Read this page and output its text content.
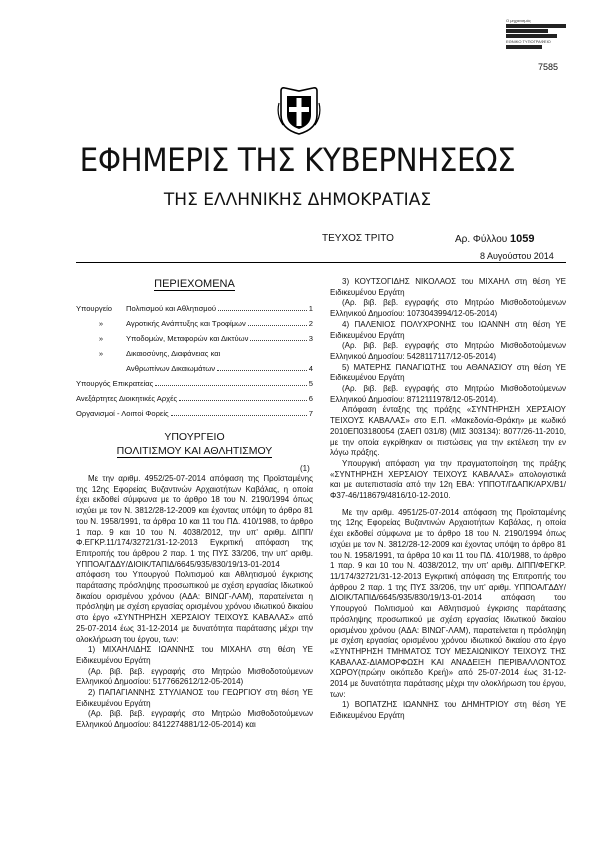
Ο μηχανισμός
ΕΘΝΙΚΟ ΤΥΠΟΓΡΑΦΕΙΟ
7585
ΕΦΗΜΕΡΙΣ ΤΗΣ ΚΥΒΕΡΝΗΣΕΩΣ
ΤΗΣ ΕΛΛΗΝΙΚΗΣ ΔΗΜΟΚΡΑΤΙΑΣ
ΤΕΥΧΟΣ ΤΡΙΤΟ	Αρ. Φύλλου 1059
8 Αυγούστου 2014
ΠΕΡΙΕΧΟΜΕΝΑ
Υπουργείο	Πολιτισμού και Αθλητισμού	1
»	Αγροτικής Ανάπτυξης και Τροφίμων	2
»	Υποδομών, Μεταφορών και Δικτύων	3
»	Δικαιοσύνης, Διαφάνειας και
Ανθρωπίνων Δικαιωμάτων	4
Υπουργός Επικρατείας	5
Ανεξάρτητες Διοικητικές Αρχές	6
Οργανισμοί - Λοιποί Φορείς	7
ΥΠΟΥΡΓΕΙΟ
ΠΟΛΙΤΙΣΜΟΥ ΚΑΙ ΑΘΛΗΤΙΣΜΟΥ
(1)

Με την αριθμ. 4952/25-07-2014 απόφαση της Προϊσταμένης της 12ης Εφορείας Βυζαντινών Αρχαιοτήτων Καβάλας, η οποία έχει εκδοθεί σύμφωνα με το άρθρο 18 του Ν. 2190/1994 όπως ισχύει με τον Ν. 3812/28-12-2009 και έχοντας υπόψη το άρθρο 81 του Ν. 1958/1991, τα άρθρα 10 και 11 του ΠΔ. 410/1988, το άρθρο 1 παρ. 9 και 10 του Ν. 4038/2012, την υπ' αριθμ. ΔΙΠΠ/Φ.ΕΓΚΡ.11/174/32721/31-12-2013 Εγκριτική απόφαση της Επιτροπής του άρθρου 2 παρ. 1 της ΠΥΣ 33/206, την υπ' αριθμ. ΥΠΠΟΑ/ΓΔΔΥ/ΔΙΟΙΚ/ΤΑΠΙΔ/6645/935/830/19/13-01-2014 απόφαση του Υπουργού Πολιτισμού και Αθλητισμού έγκρισης παράτασης πρόσληψης προσωπικού με σχέση εργασίας Ιδιωτικού δικαίου ορισμένου χρόνου (ΑΔΑ: ΒΙΝΩΓ-ΛΑΜ), παρατείνεται η πρόσληψη με σχέση εργασίας ορισμένου χρόνου ιδιωτικού δικαίου στο έργο «ΣΥΝΤΗΡΗΣΗ ΧΕΡΣΑΙΟΥ ΤΕΙΧΟΥΣ ΚΑΒΑΛΑΣ» από 25-07-2014 έως 31-12-2014 με δυνατότητα παράτασης μέχρι την ολοκλήρωση του έργου, των:

1) ΜΙΧΑΗΛΙΔΗΣ ΙΩΑΝΝΗΣ του ΜΙΧΑΗΛ στη θέση ΥΕ Ειδικευμένου Εργάτη

(Αρ. βιβ. βεβ. εγγραφής στο Μητρώο Μισθοδοτούμενων Ελληνικού Δημοσίου: 5177662612/12-05-2014)

2) ΠΑΠΑΓΙΑΝΝΗΣ ΣΤΥΛΙΑΝΟΣ του ΓΕΩΡΓΙΟΥ στη θέση ΥΕ Ειδικευμένου Εργάτη

(Αρ. βιβ. βεβ. εγγραφής στο Μητρώο Μισθοδοτούμενων Ελληνικού Δημοσίου: 8412274881/12-05-2014) και

3) ΚΟΥΤΣΟΓΙΔΗΣ ΝΙΚΟΛΑΟΣ του ΜΙΧΑΗΛ στη θέση ΥΕ Ειδικευμένου Εργάτη

(Αρ. βιβ. βεβ. εγγραφής στο Μητρώο Μισθοδοτούμενων Ελληνικού Δημοσίου: 1073043994/12-05-2014)

4) ΠΑΛΕΝΙΟΣ ΠΟΛΥΧΡΟΝΗΣ του ΙΩΑΝΝΗ στη θέση ΥΕ Ειδικευμένου Εργάτη

(Αρ. βιβ. βεβ. εγγραφής στο Μητρώο Μισθοδοτούμενων Ελληνικού Δημοσίου: 5428117117/12-05-2014)

5) ΜΑΤΕΡΗΣ ΠΑΝΑΓΙΩΤΗΣ του ΑΘΑΝΑΣΙΟΥ στη θέση ΥΕ Ειδικευμένου Εργάτη

(Αρ. βιβ. βεβ. εγγραφής στο Μητρώο Μισθοδοτούμενων Ελληνικού Δημοσίου: 8712111978/12-05-2014).

Απόφαση ένταξης της πράξης «ΣΥΝΤΗΡΗΣΗ ΧΕΡΣΑΙΟΥ ΤΕΙΧΟΥΣ ΚΑΒΑΛΑΣ» στο Ε.Π. «Μακεδονία-Θράκη» με κωδικό 2010ΕΠ03180054 (ΣΑΕΠ 031/8) (ΜΙΣ 303134): 8077/26-11-2010, με την οποία εγκρίθηκαν οι πιστώσεις για την εκτέλεση την εν λόγω πράξης.

Υπουργική απόφαση για την πραγματοποίηση της πράξης «ΣΥΝΤΗΡΗΣΗ ΧΕΡΣΑΙΟΥ ΤΕΙΧΟΥΣ ΚΑΒΑΛΑΣ» απολογιστικά και με αυτεπιστασία από την 12η ΕΒΑ: ΥΠΠΟΤ/ΓΔΑΠΚ/ΑΡΧ/Β1/Φ37-46/118679/4816/10-12-2010.

Με την αριθμ. 4951/25-07-2014 απόφαση της Προϊσταμένης της 12ης Εφορείας Βυζαντινών Αρχαιοτήτων Καβάλας, η οποία έχει εκδοθεί σύμφωνα με το άρθρο 18 του Ν. 2190/1994 όπως ισχύει με τον Ν. 3812/28-12-2009 και έχοντας υπόψη το άρθρο 81 του Ν. 1958/1991, τα άρθρα 10 και 11 του ΠΔ. 410/1988, το άρθρο 1 παρ. 9 και 10 του Ν. 4038/2012, την υπ' αριθμ. ΔΙΠΠ/ΦΕΓΚΡ. 11/174/32721/31-12-2013 Εγκριτική απόφαση της Επιτροπής του άρθρου 2 παρ. 1 της ΠΥΣ 33/206, την υπ' αριθμ. ΥΠΠΟΑ/ΓΔΔΥ/ΔΙΟΙΚ/ΤΑΠΙΔ/6645/935/830/19/13-01-2014 απόφαση του Υπουργού Πολιτισμού και Αθλητισμού έγκρισης παράτασης πρόσληψης προσωπικού με σχέση εργασίας Ιδιωτικού δικαίου ορισμένου χρόνου (ΑΔΑ: ΒΙΝΩΓ-ΛΑΜ), παρατείνεται η πρόσληψη με σχέση εργασίας ορισμένου χρόνου ιδιωτικού δικαίου στο έργο «ΣΥΝΤΗΡΗΣΗ ΤΜΗΜΑΤΟΣ ΤΟΥ ΜΕΣΑΙΩΝΙΚΟΥ ΤΕΙΧΟΥΣ ΤΗΣ ΚΑΒΑΛΑΣ-ΔΙΑΜΟΡΦΩΣΗ ΚΑΙ ΑΝΑΔΕΙΞΗ ΠΕΡΙΒΑΛΛΟΝΤΟΣ ΧΩΡΟΥ(πρώην οικόπεδο Κρεή)» από 25-07-2014 έως 31-12-2014 με δυνατότητα παράτασης μέχρι την ολοκλήρωση του έργου, των:

1) ΒΟΠΑΤΖΗΣ ΙΩΑΝΝΗΣ του ΔΗΜΗΤΡΙΟΥ στη θέση ΥΕ Ειδικευμένου Εργάτη
